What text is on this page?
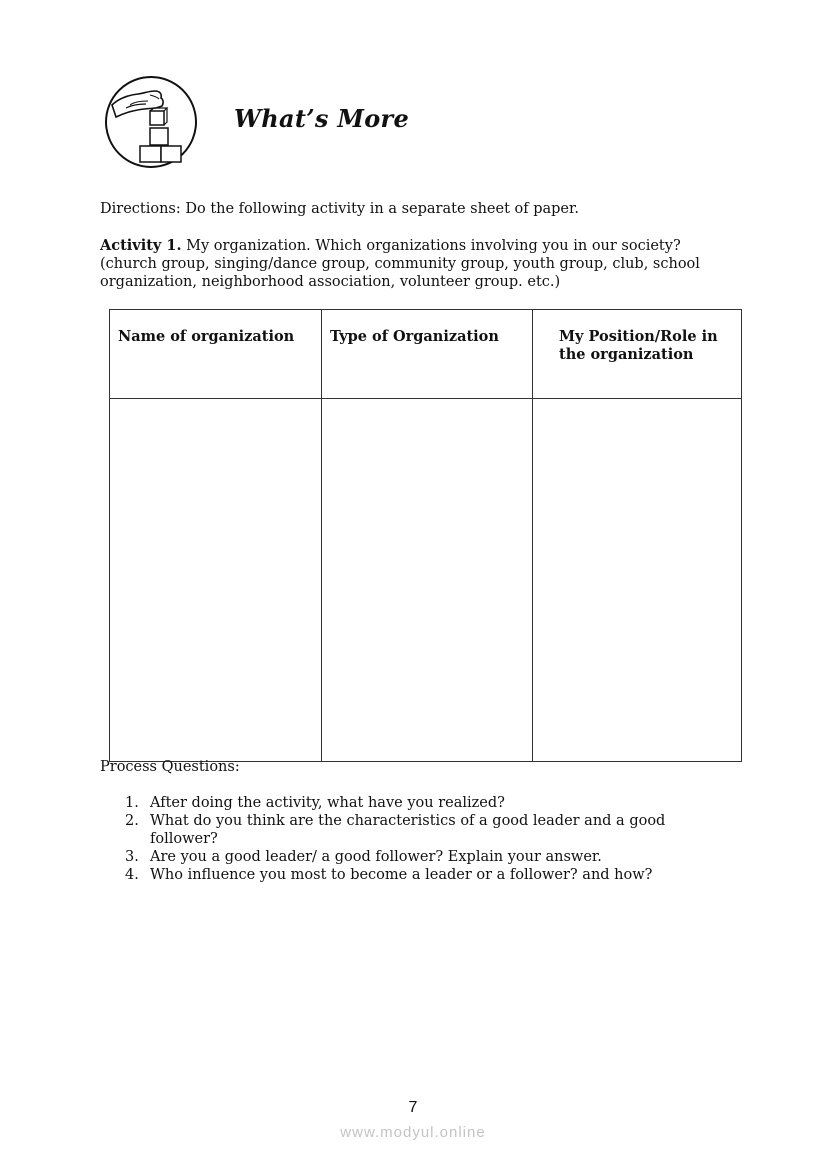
What’s More
Directions: Do the following activity in a separate sheet of paper.
Activity 1. My organization. Which organizations involving you in our society? (church group, singing/dance group, community group, youth group, club, school organization, neighborhood association, volunteer group. etc.)
Name of organization	Type of Organization	My Position/Role in the organization

Process Questions:
1. After doing the activity, what have you realized?
2. What do you think are the characteristics of a good leader and a good follower?
3. Are you a good leader/ a good follower? Explain your answer.
4. Who influence you most to become a leader or a follower? and how?
7
www.modyul.online
